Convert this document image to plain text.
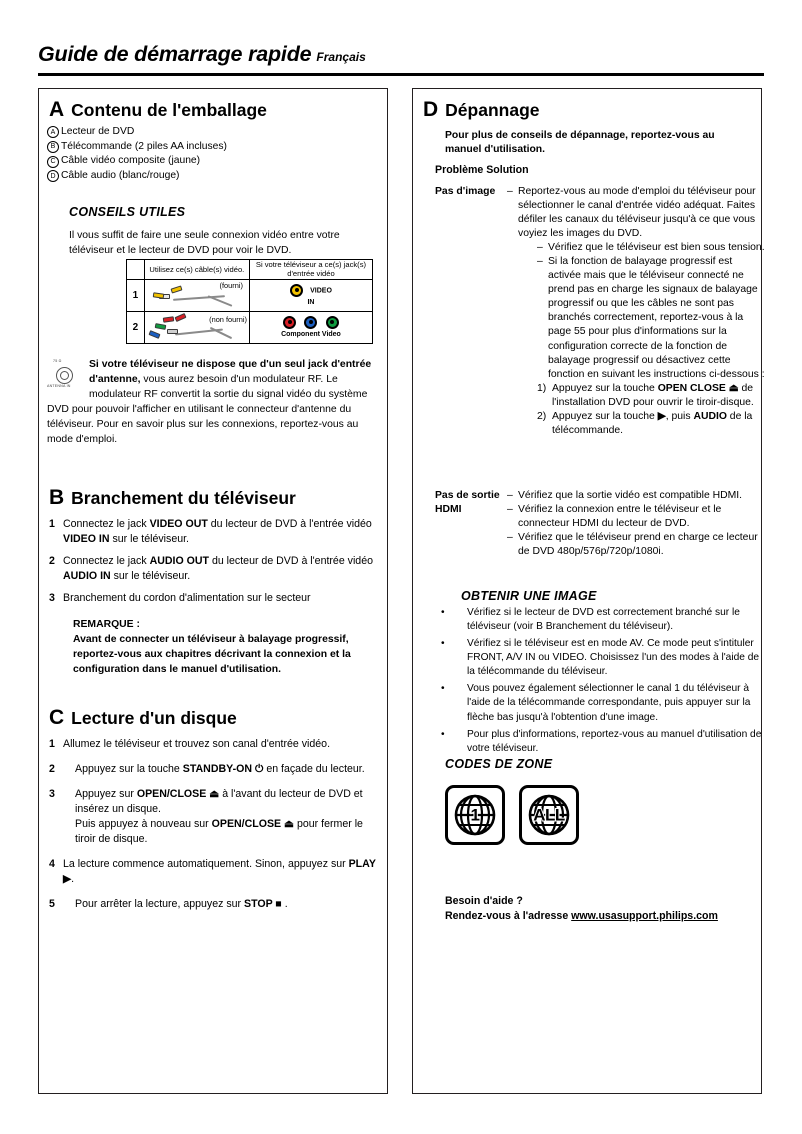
Guide de démarrage rapide Français
A Contenu de l'emballage
A Lecteur de DVD
B Télécommande (2 piles AA incluses)
C Câble vidéo composite (jaune)
D Câble audio (blanc/rouge)
CONSEILS UTILES
Il vous suffit de faire une seule connexion vidéo entre votre téléviseur et le lecteur de DVD pour voir le DVD.
	Utilisez ce(s) câble(s) vidéo.	Si votre téléviseur a ce(s) jack(s) d'entrée vidéo
1	(fourni)	VIDEO
IN
2	(non fourni)	Component Video
75 Ω
ANTENNA IN
Si votre téléviseur ne dispose que d'un seul jack d'entrée d'antenne, vous aurez besoin d'un modulateur RF. Le modulateur RF convertit la sortie du signal vidéo du système DVD pour pouvoir l'afficher en utilisant le connecteur d'antenne du téléviseur. Pour en savoir plus sur les connexions, reportez-vous au mode d'emploi.
B Branchement du téléviseur
1 Connectez le jack VIDEO OUT du lecteur de DVD à l'entrée vidéo VIDEO IN sur le téléviseur.
2 Connectez le jack AUDIO OUT du lecteur de DVD à l'entrée vidéo AUDIO IN sur le téléviseur.
3 Branchement du cordon d'alimentation sur le secteur
REMARQUE :
Avant de connecter un téléviseur à balayage progressif, reportez-vous aux chapitres décrivant la connexion et la configuration dans le manuel d'utilisation.
C Lecture d'un disque
1 Allumez le téléviseur et trouvez son canal d'entrée vidéo.
2	Appuyez sur la touche STANDBY-ON ⏻ en façade du lecteur.
3	Appuyez sur OPEN/CLOSE ⏏ à l'avant du lecteur de DVD et insérez un disque.
Puis appuyez à nouveau sur OPEN/CLOSE ⏏ pour fermer le tiroir de disque.
4 La lecture commence automatiquement. Sinon, appuyez sur PLAY ▶.
5	Pour arrêter la lecture, appuyez sur STOP ■ .
D Dépannage
Pour plus de conseils de dépannage, reportez-vous au manuel d'utilisation.
Problème Solution
Pas d'image	– Reportez-vous au mode d'emploi du téléviseur pour sélectionner le canal d'entrée vidéo adéquat. Faites défiler les canaux du téléviseur jusqu'à ce que vous voyiez les images du DVD.
– Vérifiez que le téléviseur est bien sous tension.
– Si la fonction de balayage progressif est activée mais que le téléviseur connecté ne prend pas en charge les signaux de balayage progressif ou que les câbles ne sont pas branchés correctement, reportez-vous à la page 55 pour plus d'informations sur la configuration correcte de la fonction de balayage progressif ou désactivez cette fonction en suivant les instructions ci-dessous :
1) Appuyez sur la touche OPEN CLOSE ⏏ de l'installation DVD pour ouvrir le tiroir-disque.
2) Appuyez sur la touche ▶, puis AUDIO de la télécommande.
Pas de sortie HDMI
– Vérifiez que la sortie vidéo est compatible HDMI.
– Vérifiez la connexion entre le téléviseur et le connecteur HDMI du lecteur de DVD.
– Vérifiez que le téléviseur prend en charge ce lecteur de DVD 480p/576p/720p/1080i.
OBTENIR UNE IMAGE
•	Vérifiez si le lecteur de DVD est correctement branché sur le téléviseur (voir B Branchement du téléviseur).
•	Vérifiez si le téléviseur est en mode AV. Ce mode peut s'intituler FRONT, A/V IN ou VIDEO. Choisissez l'un des modes à l'aide de la télécommande du téléviseur.
•	Vous pouvez également sélectionner le canal 1 du téléviseur à l'aide de la télécommande correspondante, puis appuyer sur la flèche bas jusqu'à l'obtention d'une image.
•	Pour plus d'informations, reportez-vous au manuel d'utilisation de votre téléviseur.
CODES DE ZONE
1	ALL
Besoin d'aide ?
Rendez-vous à l'adresse www.usasupport.philips.com
